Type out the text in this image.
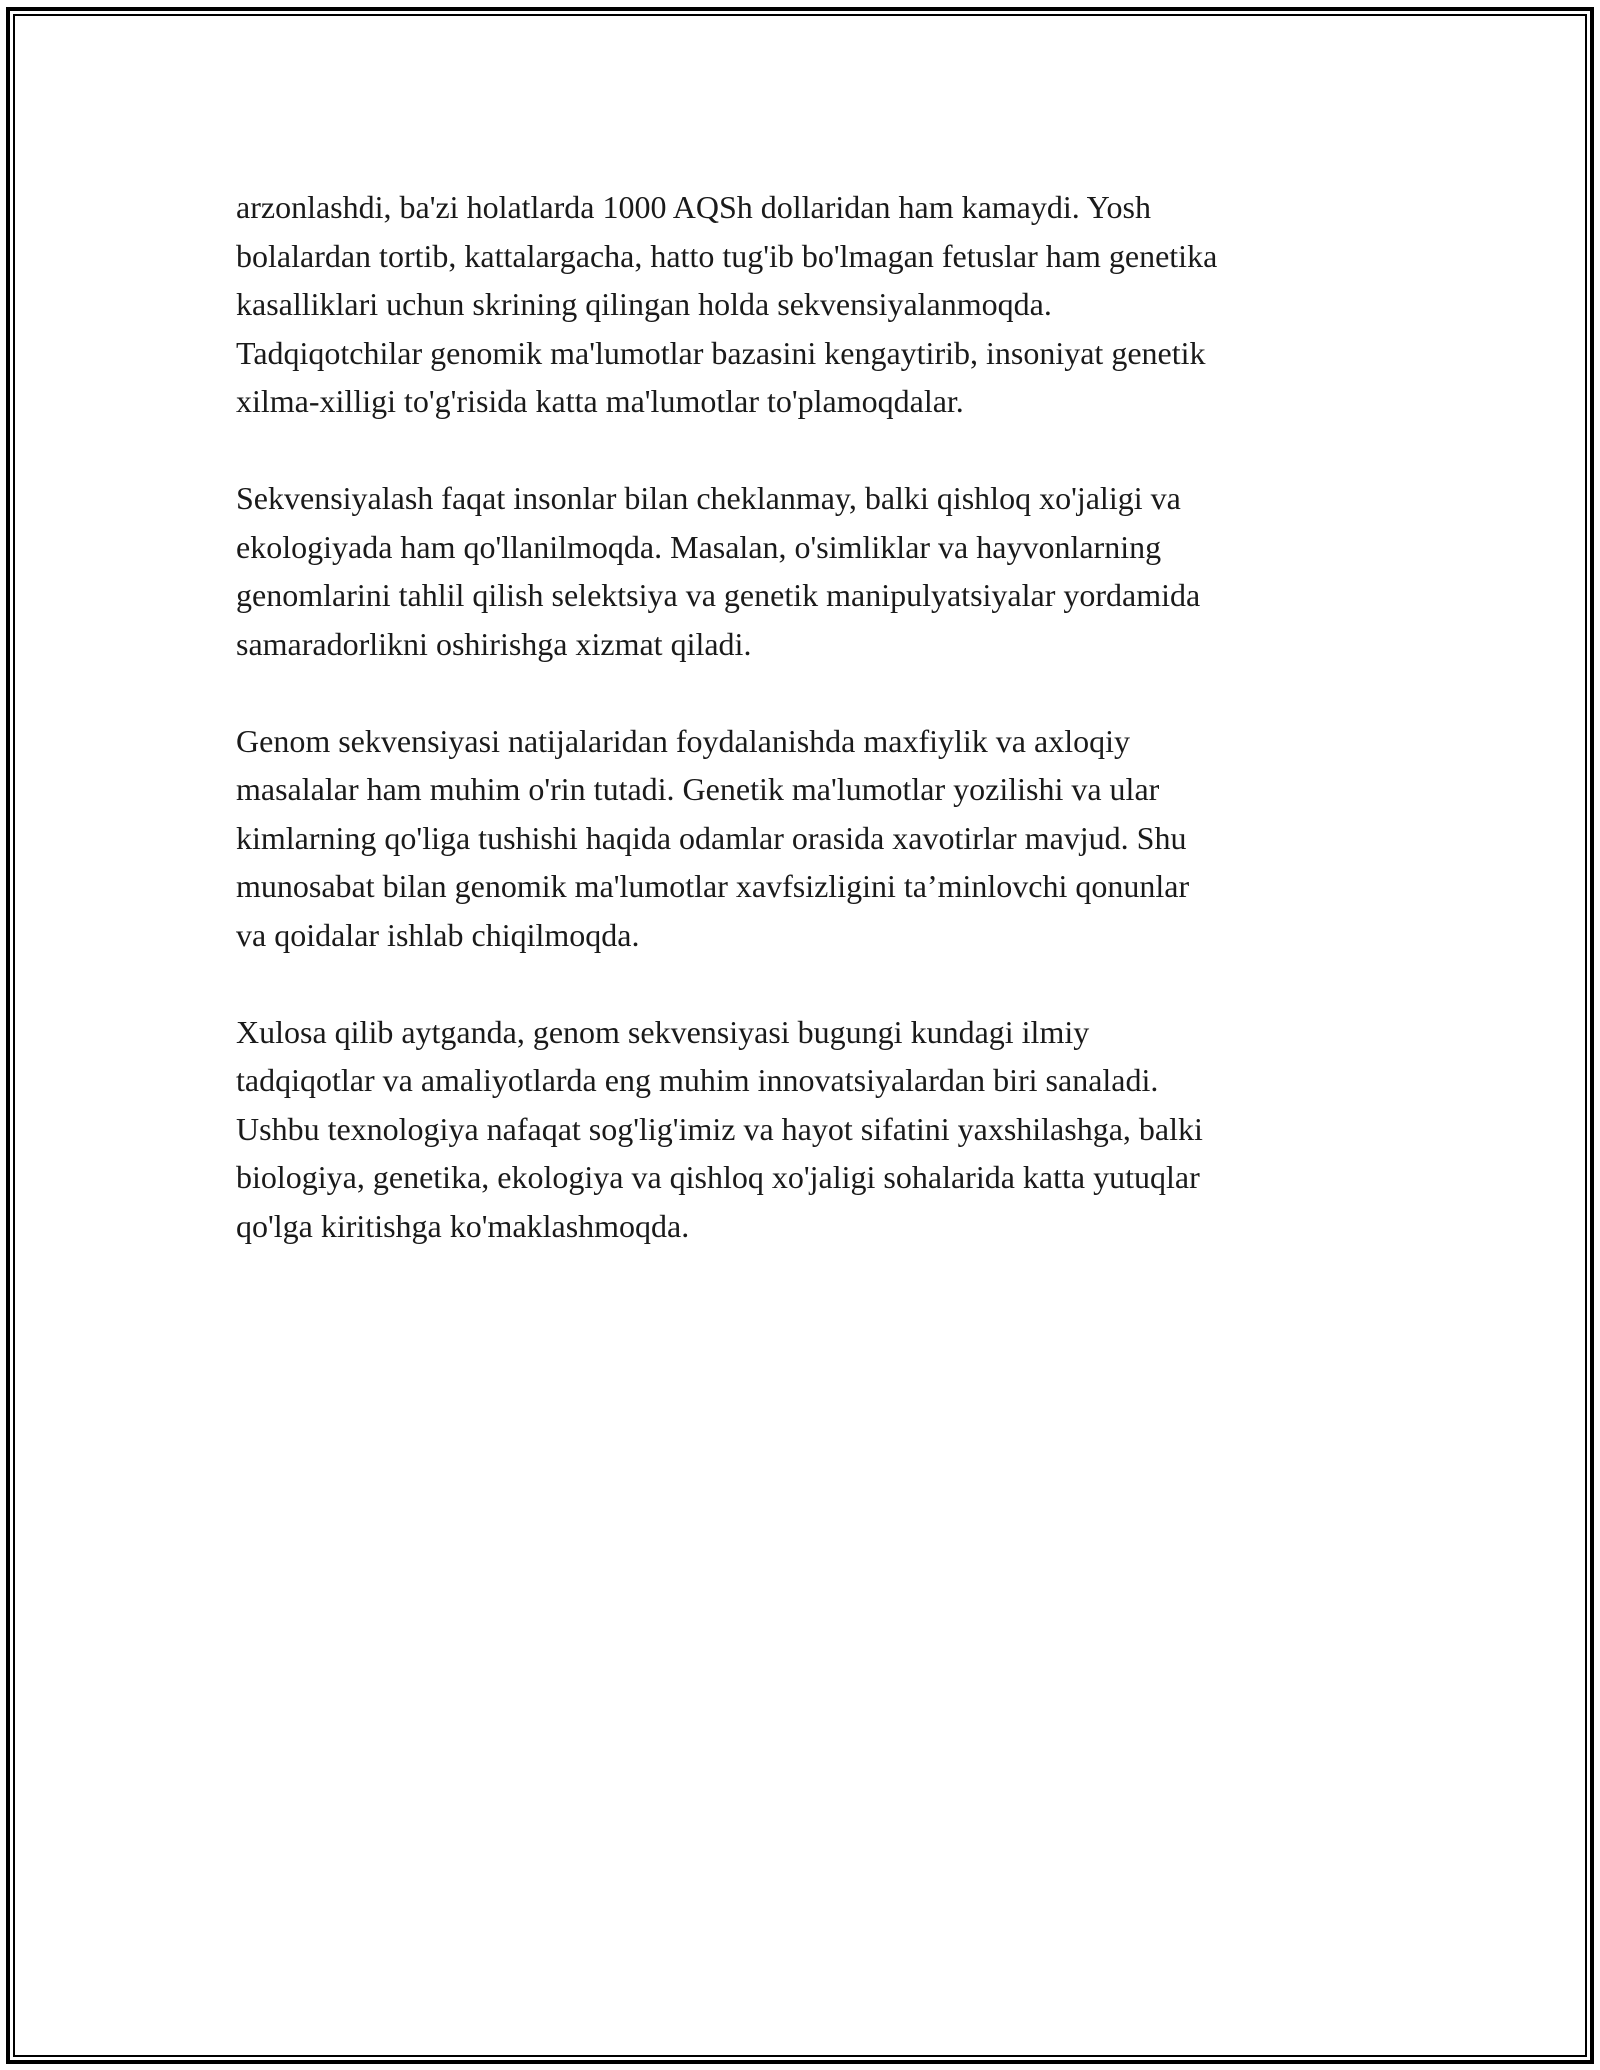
arzonlashdi, ba'zi holatlarda 1000 AQSh dollaridan ham kamaydi. Yosh
bolalardan tortib, kattalargacha, hatto tug'ib bo'lmagan fetuslar ham genetika
kasalliklari uchun skrining qilingan holda sekvensiyalanmoqda.
Tadqiqotchilar genomik ma'lumotlar bazasini kengaytirib, insoniyat genetik
xilma-xilligi to'g'risida katta ma'lumotlar to'plamoqdalar.

Sekvensiyalash faqat insonlar bilan cheklanmay, balki qishloq xo'jaligi va
ekologiyada ham qo'llanilmoqda. Masalan, o'simliklar va hayvonlarning
genomlarini tahlil qilish selektsiya va genetik manipulyatsiyalar yordamida
samaradorlikni oshirishga xizmat qiladi.

Genom sekvensiyasi natijalaridan foydalanishda maxfiylik va axloqiy
masalalar ham muhim o'rin tutadi. Genetik ma'lumotlar yozilishi va ular
kimlarning qo'liga tushishi haqida odamlar orasida xavotirlar mavjud. Shu
munosabat bilan genomik ma'lumotlar xavfsizligini ta’minlovchi qonunlar
va qoidalar ishlab chiqilmoqda.

Xulosa qilib aytganda, genom sekvensiyasi bugungi kundagi ilmiy
tadqiqotlar va amaliyotlarda eng muhim innovatsiyalardan biri sanaladi.
Ushbu texnologiya nafaqat sog'lig'imiz va hayot sifatini yaxshilashga, balki
biologiya, genetika, ekologiya va qishloq xo'jaligi sohalarida katta yutuqlar
qo'lga kiritishga ko'maklashmoqda.
